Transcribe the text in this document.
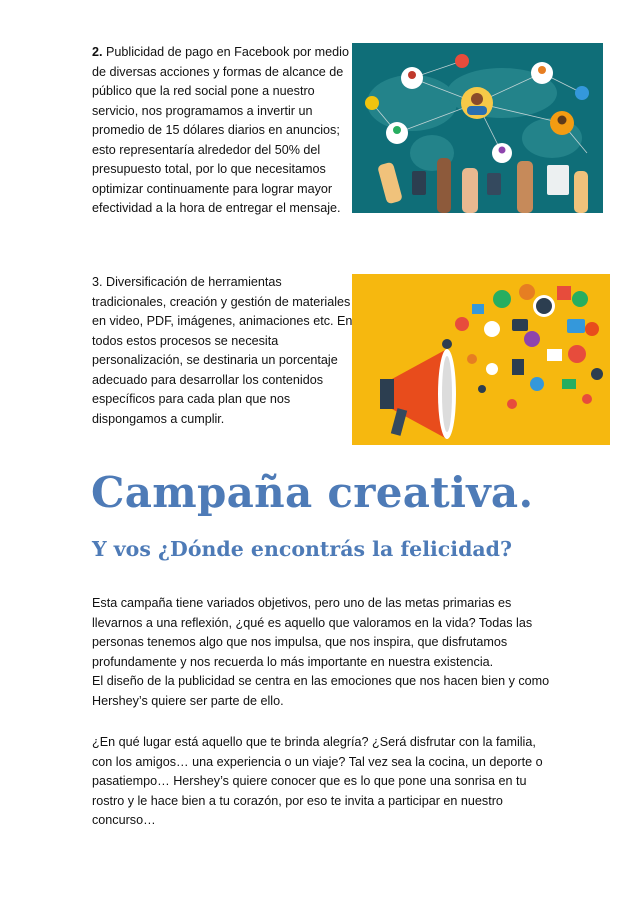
2. Publicidad de pago en Facebook por medio de diversas acciones y formas de alcance de público que la red social pone a nuestro servicio, nos programamos a invertir un promedio de 15 dólares diarios en anuncios; esto representaría alrededor del 50% del presupuesto total, por lo que necesitamos optimizar continuamente para lograr mayor efectividad a la hora de entregar el mensaje.

3. Diversificación de herramientas tradicionales, creación y gestión de materiales en video, PDF, imágenes, animaciones etc. En todos estos procesos se necesita personalización, se destinaria un porcentaje adecuado para desarrollar los contenidos específicos para cada plan que nos dispongamos a cumplir.

Campaña creativa.
Y vos ¿Dónde encontrás la felicidad?
Esta campaña tiene variados objetivos, pero uno de las metas primarias es llevarnos a una reflexión, ¿qué es aquello que valoramos en la vida? Todas las personas tenemos algo que nos impulsa, que nos inspira, que disfrutamos profundamente y nos recuerda lo más importante en nuestra existencia.
El diseño de la publicidad se centra en las emociones que nos hacen bien y como Hershey’s quiere ser parte de ello.

¿En qué lugar está aquello que te brinda alegría? ¿Será disfrutar con la familia, con los amigos… una experiencia o un viaje? Tal vez sea la cocina, un deporte o pasatiempo… Hershey’s quiere conocer que es lo que pone una sonrisa en tu rostro y le hace bien a tu corazón, por eso te invita a participar en nuestro concurso…
